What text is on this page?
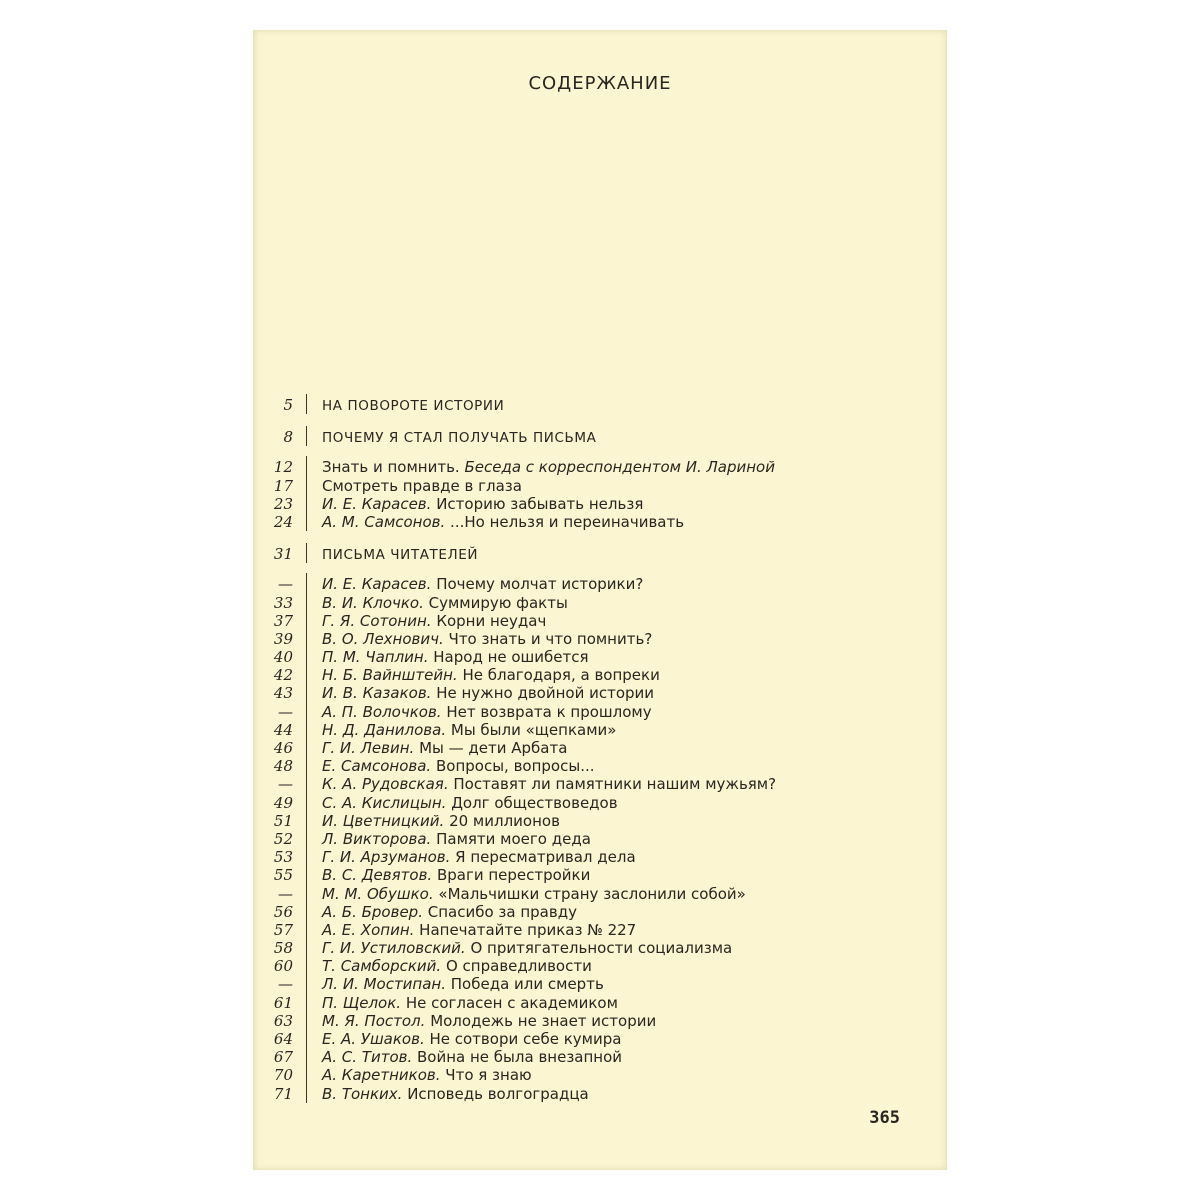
СОДЕРЖАНИЕ
5 НА ПОВОРОТЕ ИСТОРИИ
8 ПОЧЕМУ Я СТАЛ ПОЛУЧАТЬ ПИСЬМА
12 Знать и помнить. Беседа с корреспондентом И. Лариной
17 Смотреть правде в глаза
23 И. Е. Карасев. Историю забывать нельзя
24 А. М. Самсонов. ...Но нельзя и переиначивать
31 ПИСЬМА ЧИТАТЕЛЕЙ
— И. Е. Карасев. Почему молчат историки?
33 В. И. Клочко. Суммирую факты
37 Г. Я. Сотонин. Корни неудач
39 В. О. Лехнович. Что знать и что помнить?
40 П. М. Чаплин. Народ не ошибется
42 Н. Б. Вайнштейн. Не благодаря, а вопреки
43 И. В. Казаков. Не нужно двойной истории
— А. П. Волочков. Нет возврата к прошлому
44 Н. Д. Данилова. Мы были «щепками»
46 Г. И. Левин. Мы — дети Арбата
48 Е. Самсонова. Вопросы, вопросы...
— К. А. Рудовская. Поставят ли памятники нашим мужьям?
49 С. А. Кислицын. Долг обществоведов
51 И. Цветницкий. 20 миллионов
52 Л. Викторова. Памяти моего деда
53 Г. И. Арзуманов. Я пересматривал дела
55 В. С. Девятов. Враги перестройки
— М. М. Обушко. «Мальчишки страну заслонили собой»
56 А. Б. Бровер. Спасибо за правду
57 А. Е. Хопин. Напечатайте приказ № 227
58 Г. И. Устиловский. О притягательности социализма
60 Т. Самборский. О справедливости
— Л. И. Мостипан. Победа или смерть
61 П. Щелок. Не согласен с академиком
63 М. Я. Постол. Молодежь не знает истории
64 Е. А. Ушаков. Не сотвори себе кумира
67 А. С. Титов. Война не была внезапной
70 А. Каретников. Что я знаю
71 В. Тонких. Исповедь волгоградца
365
